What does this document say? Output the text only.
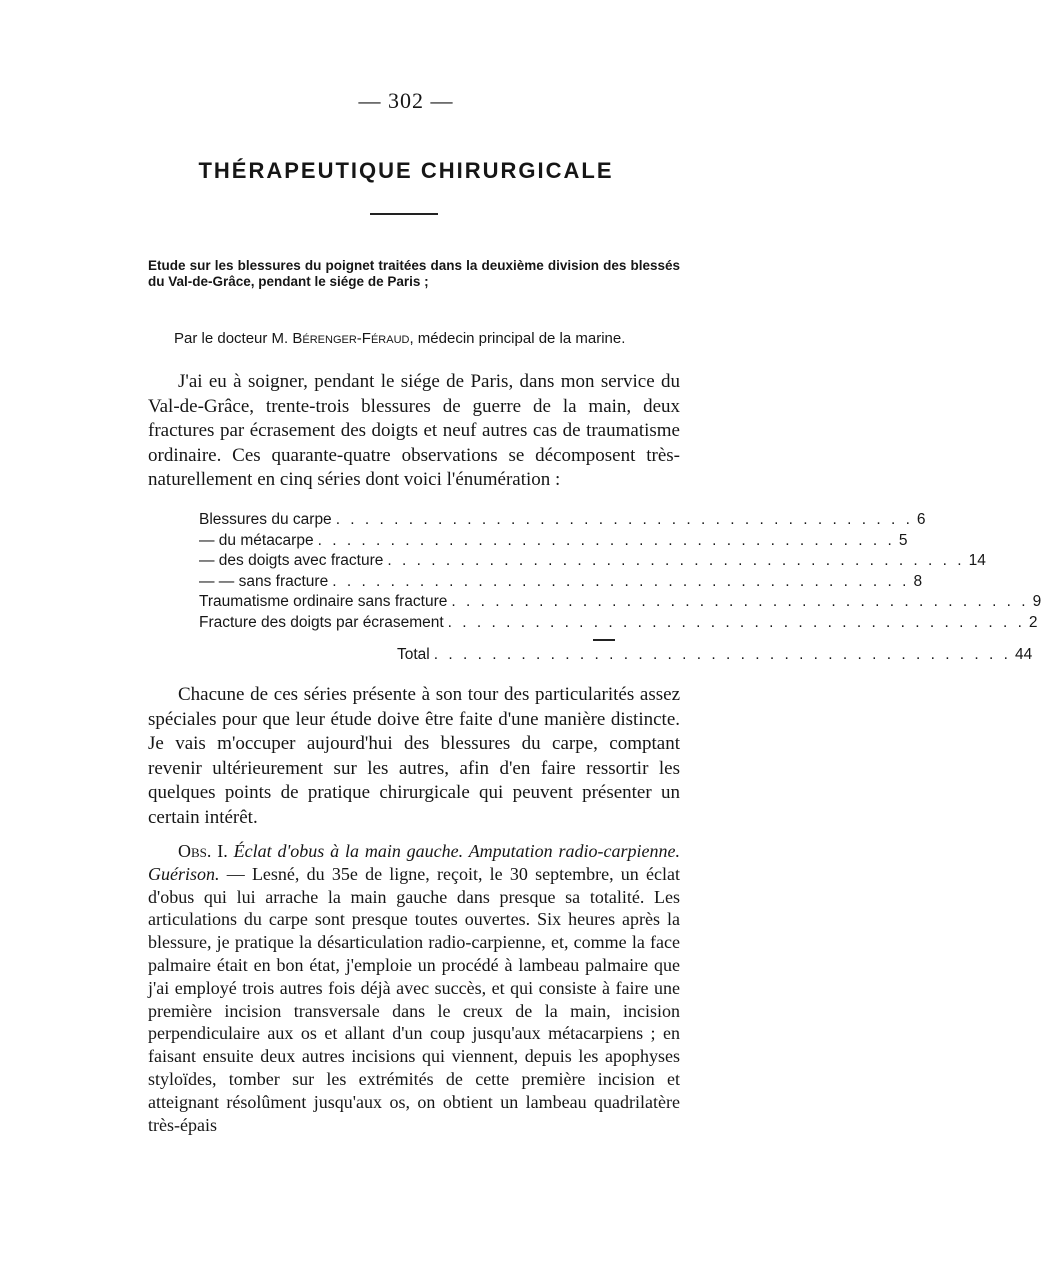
— 302 —
THÉRAPEUTIQUE CHIRURGICALE
Etude sur les blessures du poignet traitées dans la deuxième division des blessés du Val-de-Grâce, pendant le siége de Paris ;
Par le docteur M. Bérenger-Féraud, médecin principal de la marine.

J'ai eu à soigner, pendant le siége de Paris, dans mon service du Val-de-Grâce, trente-trois blessures de guerre de la main, deux fractures par écrasement des doigts et neuf autres cas de traumatisme ordinaire. Ces quarante-quatre observations se décomposent très-naturellement en cinq séries dont voici l'énumération :

Blessures du carpe . . . . . . . . . . . . . . . . . . . . . . . . . . . . . . . . . . . . . . . . 6
— du métacarpe . . . . . . . . . . . . . . . . . . . . . . . . . . . . . . . . . . . . . . . . 5
— des doigts avec fracture . . . . . . . . . . . . . . . . . . . . . . . . . . . . . . . . . . . . . . . . 14
— — sans fracture . . . . . . . . . . . . . . . . . . . . . . . . . . . . . . . . . . . . . . . . 8
Traumatisme ordinaire sans fracture . . . . . . . . . . . . . . . . . . . . . . . . . . . . . . . . . . . . . . . . 9
Fracture des doigts par écrasement . . . . . . . . . . . . . . . . . . . . . . . . . . . . . . . . . . . . . . . . 2
Total . . . . . . . . . . . . . . . . . . . . . . . . . . . . . . . . . . . . . . . . 44

Chacune de ces séries présente à son tour des particularités assez spéciales pour que leur étude doive être faite d'une manière distincte. Je vais m'occuper aujourd'hui des blessures du carpe, comptant revenir ultérieurement sur les autres, afin d'en faire ressortir les quelques points de pratique chirurgicale qui peuvent présenter un certain intérêt.

Obs. I. Éclat d'obus à la main gauche. Amputation radio-carpienne. Guérison. — Lesné, du 35e de ligne, reçoit, le 30 septembre, un éclat d'obus qui lui arrache la main gauche dans presque sa totalité. Les articulations du carpe sont presque toutes ouvertes. Six heures après la blessure, je pratique la désarticulation radio-carpienne, et, comme la face palmaire était en bon état, j'emploie un procédé à lambeau palmaire que j'ai employé trois autres fois déjà avec succès, et qui consiste à faire une première incision transversale dans le creux de la main, incision perpendiculaire aux os et allant d'un coup jusqu'aux métacarpiens ; en faisant ensuite deux autres incisions qui viennent, depuis les apophyses styloïdes, tomber sur les extrémités de cette première incision et atteignant résolûment jusqu'aux os, on obtient un lambeau quadrilatère très-épais
